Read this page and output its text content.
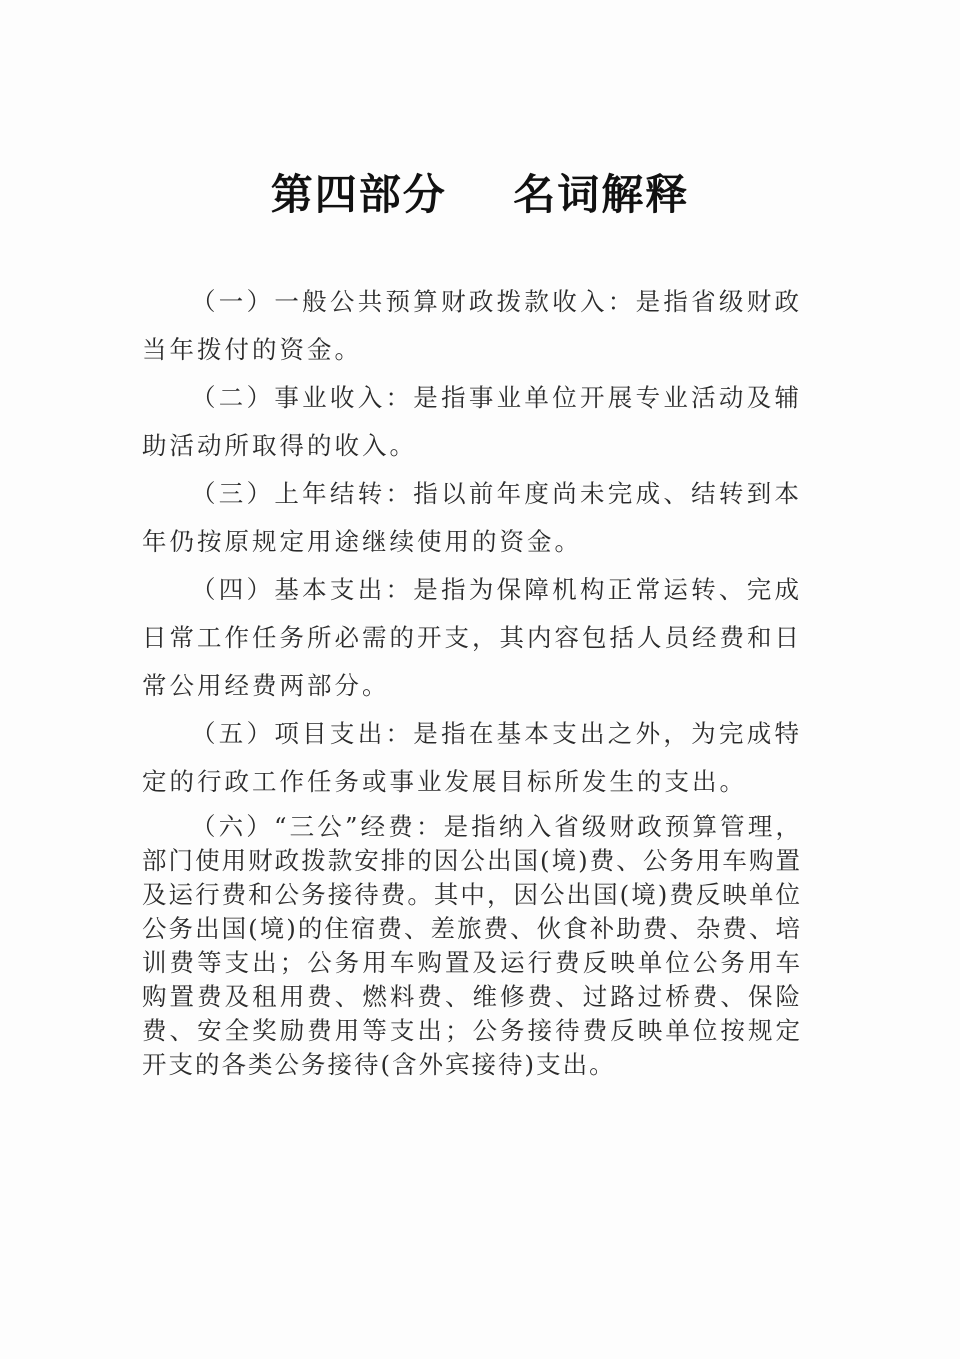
第四部分    名词解释

（一）一般公共预算财政拨款收入：是指省级财政当年拨付的资金。

（二）事业收入：是指事业单位开展专业活动及辅助活动所取得的收入。

（三）上年结转：指以前年度尚未完成、结转到本年仍按原规定用途继续使用的资金。

（四）基本支出：是指为保障机构正常运转、完成日常工作任务所必需的开支，其内容包括人员经费和日常公用经费两部分。

（五）项目支出：是指在基本支出之外，为完成特定的行政工作任务或事业发展目标所发生的支出。

（六）“三公”经费：是指纳入省级财政预算管理，部门使用财政拨款安排的因公出国(境)费、公务用车购置及运行费和公务接待费。其中，因公出国(境)费反映单位公务出国(境)的住宿费、差旅费、伙食补助费、杂费、培训费等支出；公务用车购置及运行费反映单位公务用车购置费及租用费、燃料费、维修费、过路过桥费、保险费、安全奖励费用等支出；公务接待费反映单位按规定开支的各类公务接待(含外宾接待)支出。
